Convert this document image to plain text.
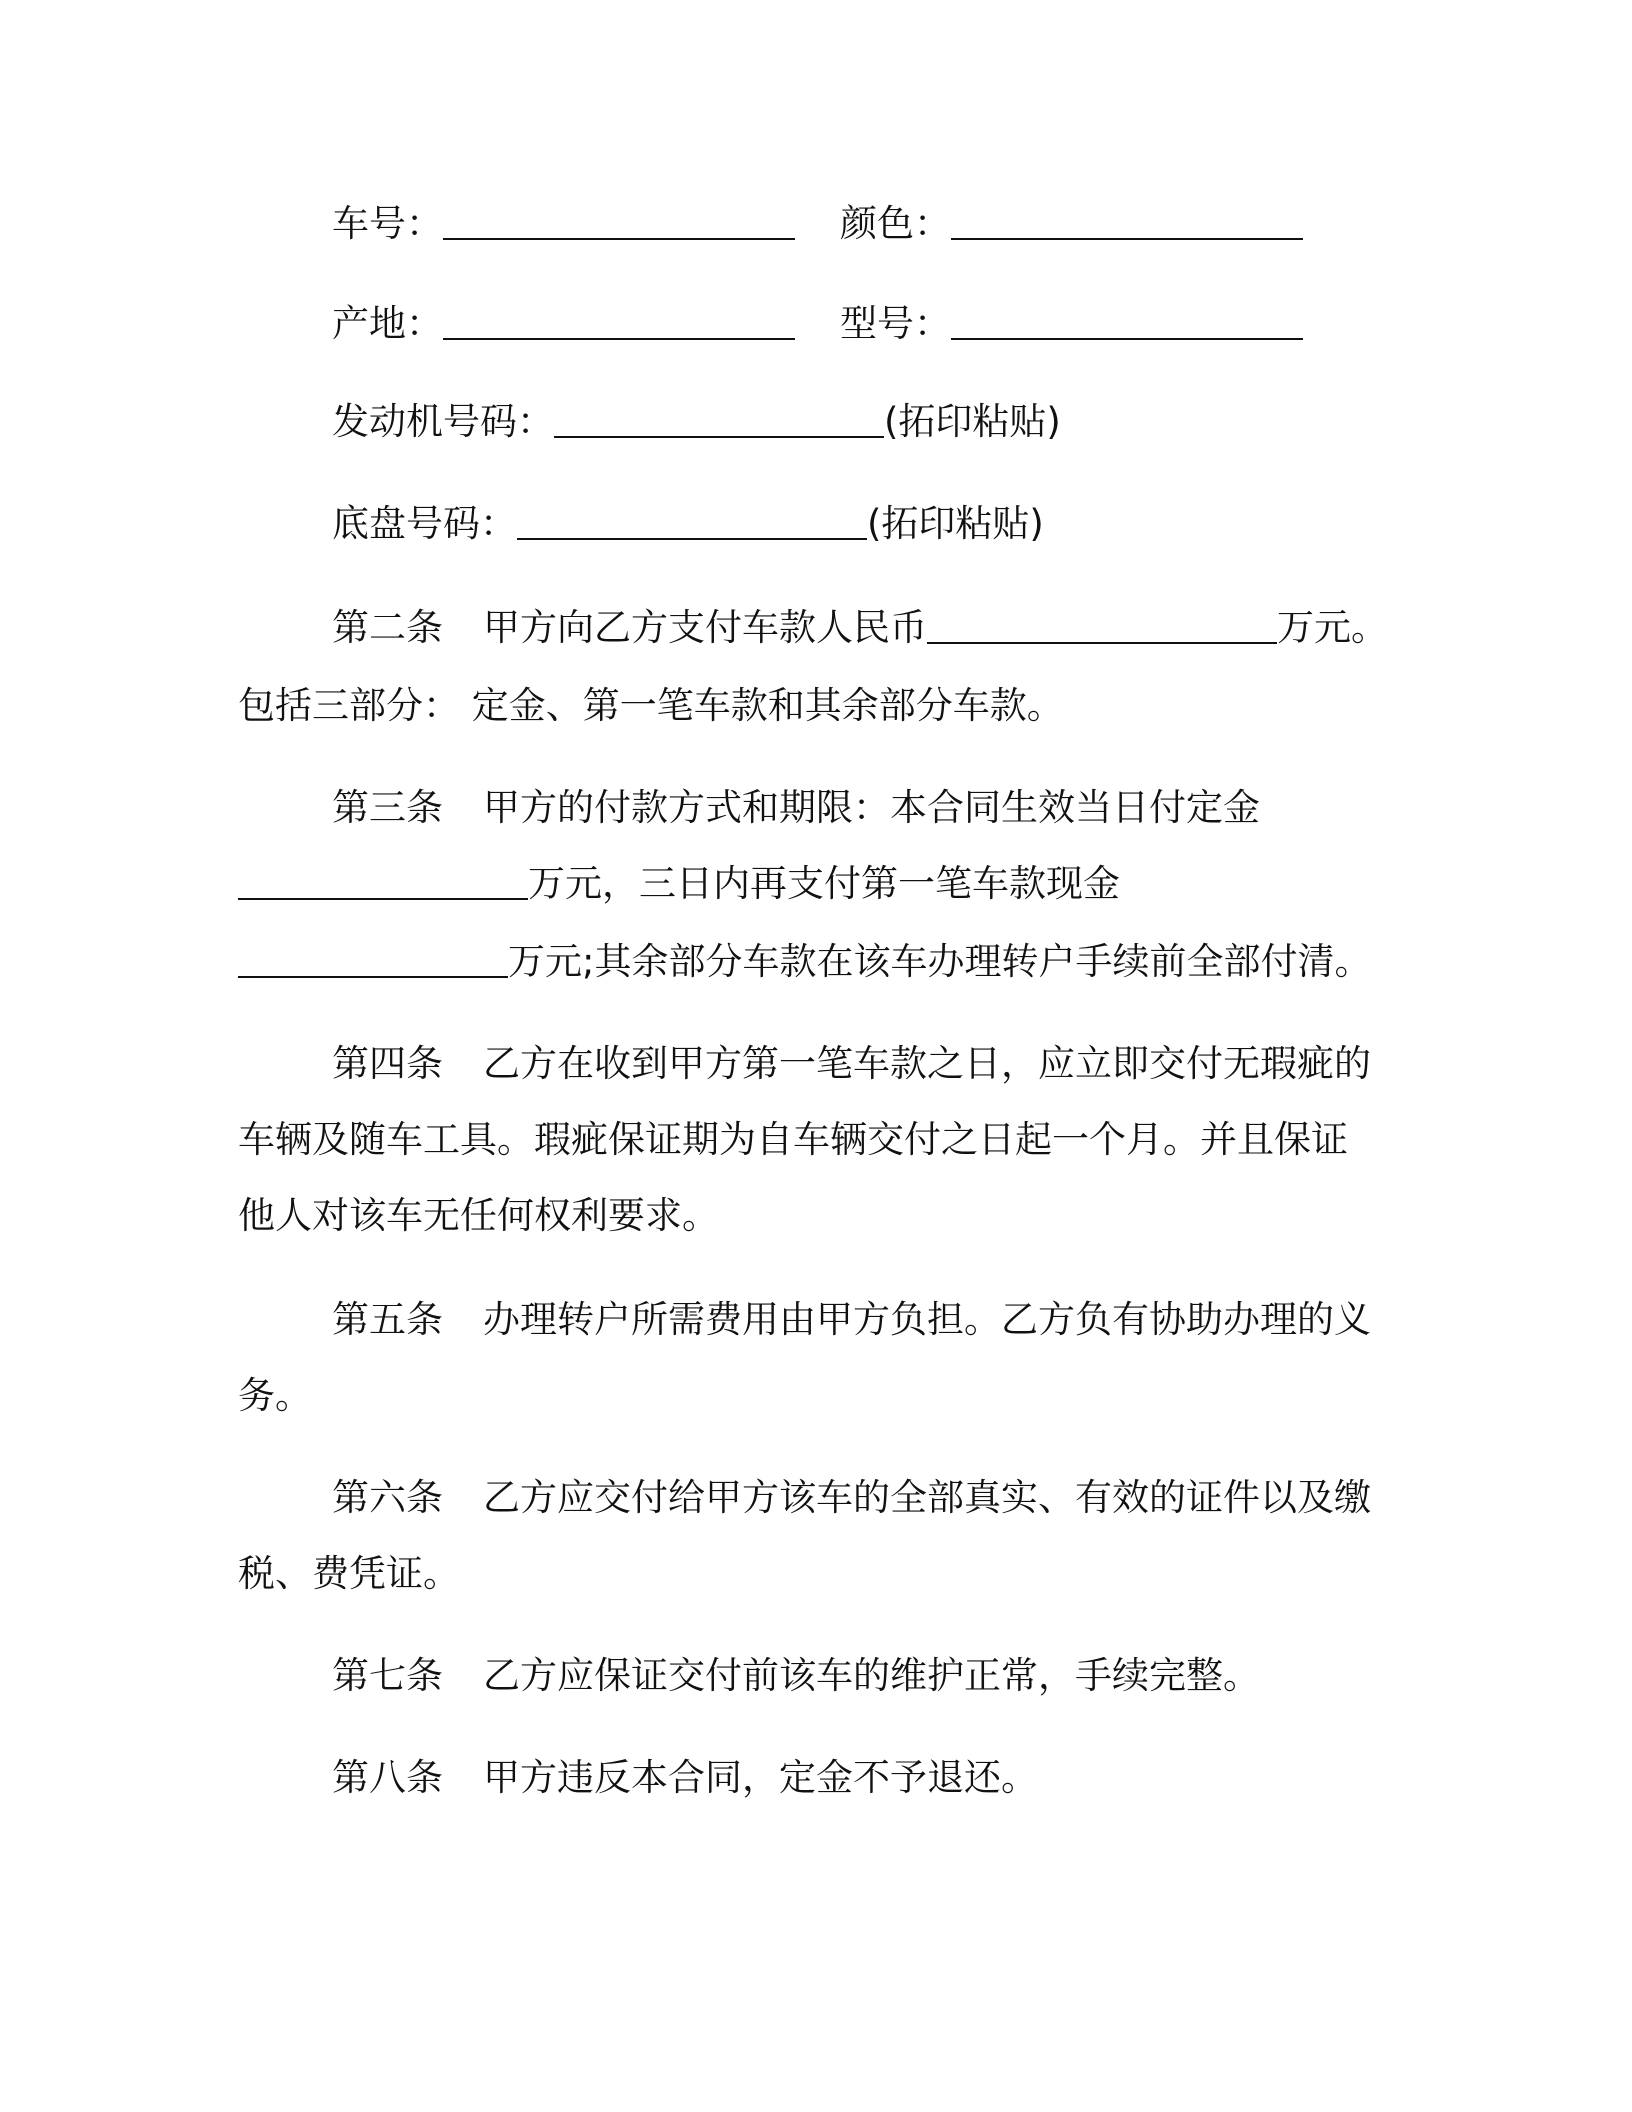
车号：	颜色：
产地：	型号：
发动机号码：	(拓印粘贴)
底盘号码：	(拓印粘贴)
第二条 甲方向乙方支付车款人民币	万元。
包括三部分： 定金、第一笔车款和其余部分车款。
第三条 甲方的付款方式和期限：本合同生效当日付定金
万元，三日内再支付第一笔车款现金
万元;其余部分车款在该车办理转户手续前全部付清。
第四条 乙方在收到甲方第一笔车款之日，应立即交付无瑕疵的
车辆及随车工具。瑕疵保证期为自车辆交付之日起一个月。并且保证
他人对该车无任何权利要求。
第五条 办理转户所需费用由甲方负担。乙方负有协助办理的义
务。
第六条 乙方应交付给甲方该车的全部真实、有效的证件以及缴
税、费凭证。
第七条 乙方应保证交付前该车的维护正常，手续完整。
第八条 甲方违反本合同，定金不予退还。
